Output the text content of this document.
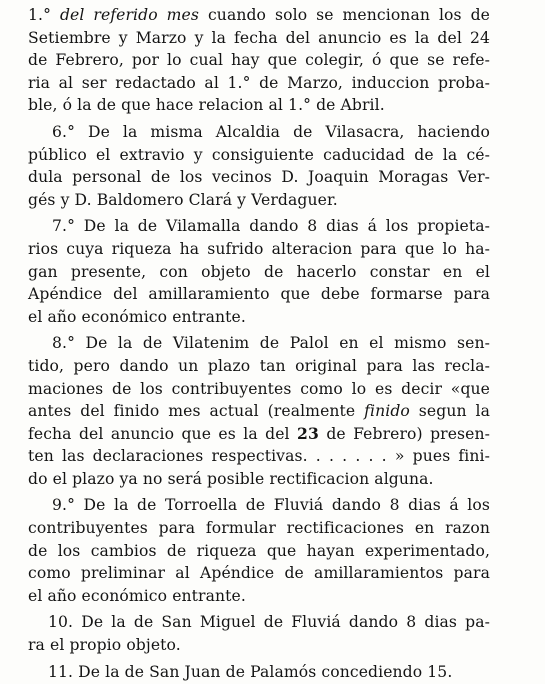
1.° del referido mes cuando solo se mencionan los de
Setiembre y Marzo y la fecha del anuncio es la del 24
de Febrero, por lo cual hay que colegir, ó que se refe-
ria al ser redactado al 1.° de Marzo, induccion proba-
ble, ó la de que hace relacion al 1.° de Abril.
6.° De la misma Alcaldia de Vilasacra, haciendo
público el extravio y consiguiente caducidad de la cé-
dula personal de los vecinos D. Joaquin Moragas Ver-
gés y D. Baldomero Clará y Verdaguer.
7.° De la de Vilamalla dando 8 dias á los propieta-
rios cuya riqueza ha sufrido alteracion para que lo ha-
gan presente, con objeto de hacerlo constar en el
Apéndice del amillaramiento que debe formarse para
el año económico entrante.
8.° De la de Vilatenim de Palol en el mismo sen-
tido, pero dando un plazo tan original para las recla-
maciones de los contribuyentes como lo es decir «que
antes del finido mes actual (realmente finido segun la
fecha del anuncio que es la del 23 de Febrero) presen-
ten las declaraciones respectivas. . . . . . . » pues fini-
do el plazo ya no será posible rectificacion alguna.
9.° De la de Torroella de Fluviá dando 8 dias á los
contribuyentes para formular rectificaciones en razon
de los cambios de riqueza que hayan experimentado,
como preliminar al Apéndice de amillaramientos para
el año económico entrante.
10. De la de San Miguel de Fluviá dando 8 dias pa-
ra el propio objeto.
11. De la de San Juan de Palamós concediendo 15.
